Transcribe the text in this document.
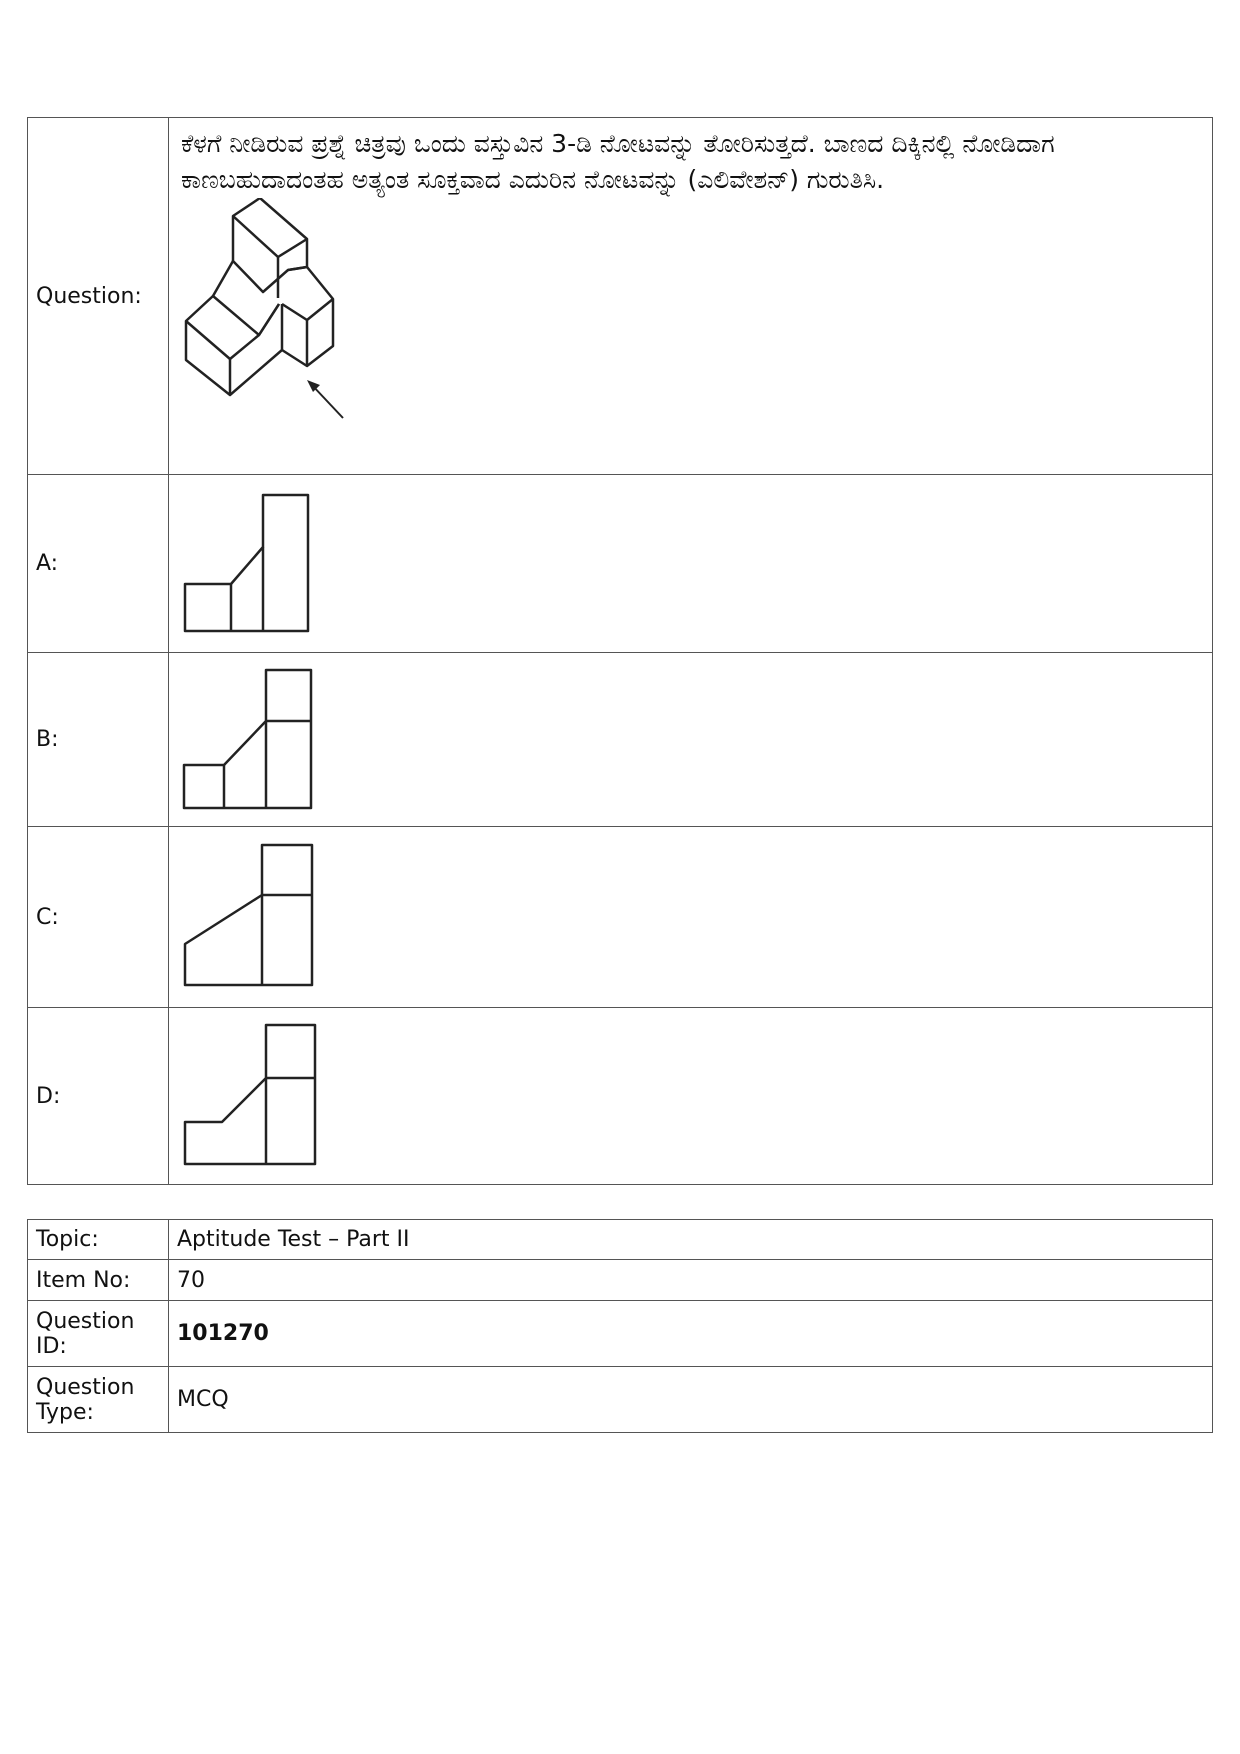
Question:	ಕೆಳಗೆ ನೀಡಿರುವ ಪ್ರಶ್ನೆ ಚಿತ್ರವು ಒಂದು ವಸ್ತುವಿನ 3-ಡಿ ನೋಟವನ್ನು ತೋರಿಸುತ್ತದೆ. ಬಾಣದ ದಿಕ್ಕಿನಲ್ಲಿ ನೋಡಿದಾಗ ಕಾಣಬಹುದಾದಂತಹ ಅತ್ಯಂತ ಸೂಕ್ತವಾದ ಎದುರಿನ ನೋಟವನ್ನು (ಎಲಿವೇಶನ್) ಗುರುತಿಸಿ.

A:	

B:	

C:	

D:	
Topic:	Aptitude Test – Part II
Item No:	70
Question ID:	101270
Question Type:	MCQ
